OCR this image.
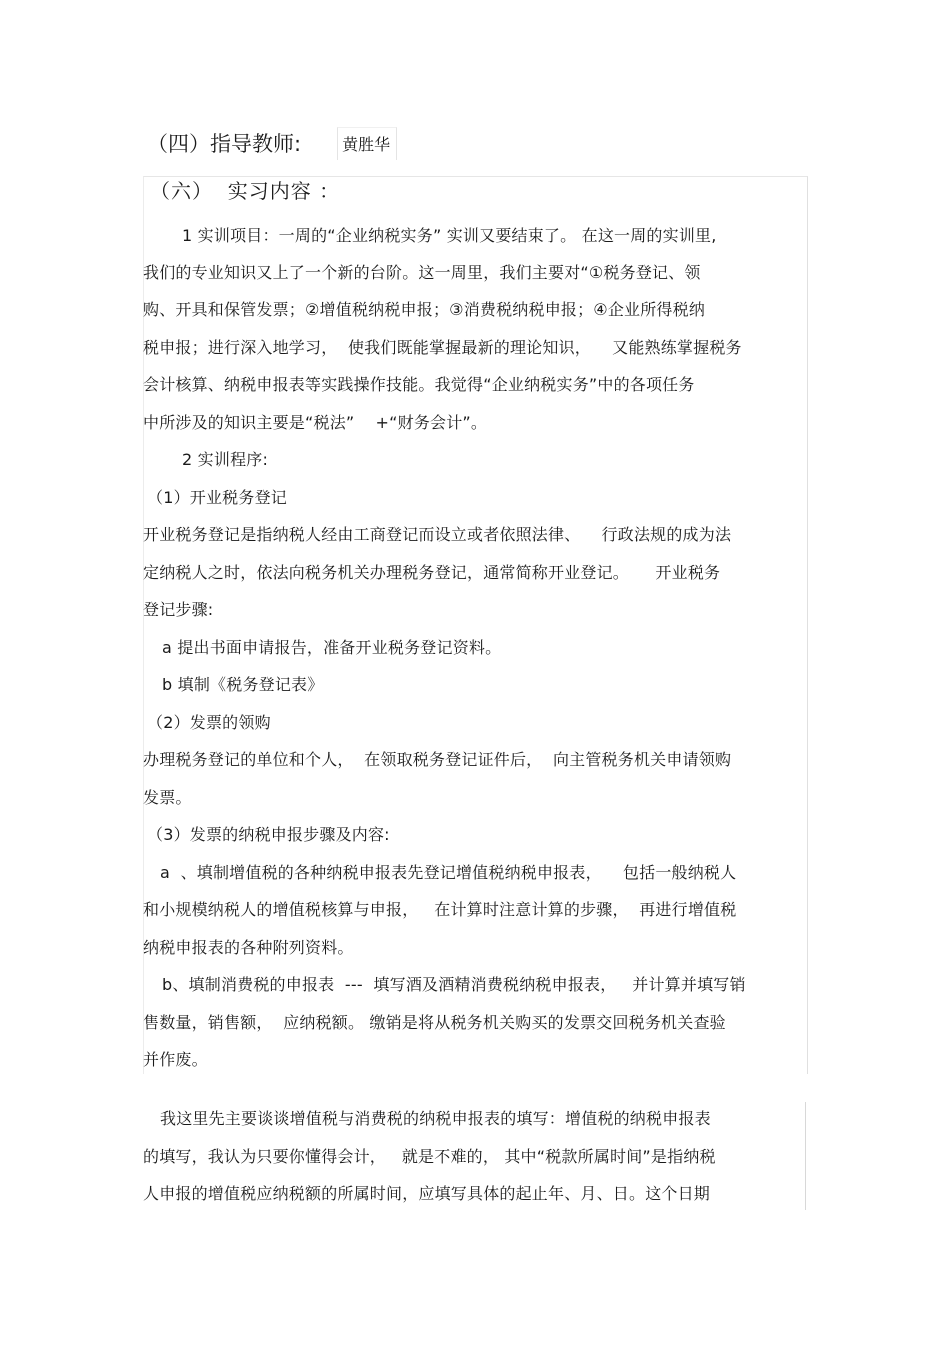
（四）指导教师:	黄胜华
（六）  实习内容 ：
1 实训项目：一周的“企业纳税实务” 实训又要结束了。 在这一周的实训里,
我们的专业知识又上了一个新的台阶。这一周里，我们主要对“①税务登记、领
购、开具和保管发票；②增值税纳税申报；③消费税纳税申报；④企业所得税纳
税申报；进行深入地学习，  使我们既能掌握最新的理论知识，    又能熟练掌握税务
会计核算、纳税申报表等实践操作技能。我觉得“企业纳税实务”中的各项任务
中所涉及的知识主要是“税法”    +“财务会计”。
2 实训程序:
（1）开业税务登记
开业税务登记是指纳税人经由工商登记而设立或者依照法律、    行政法规的成为法
定纳税人之时，依法向税务机关办理税务登记，通常简称开业登记。     开业税务
登记步骤:
a 提出书面申请报告，准备开业税务登记资料。
b 填制《税务登记表》
（2）发票的领购
办理税务登记的单位和个人，  在领取税务登记证件后，  向主管税务机关申请领购
发票。
（3）发票的纳税申报步骤及内容:
a  、填制增值税的各种纳税申报表先登记增值税纳税申报表，    包括一般纳税人
和小规模纳税人的增值税核算与申报，   在计算时注意计算的步骤，  再进行增值税
纳税申报表的各种附列资料。
b、填制消费税的申报表  ---  填写酒及酒精消费税纳税申报表，   并计算并填写销
售数量，销售额，  应纳税额。 缴销是将从税务机关购买的发票交回税务机关查验
并作废。
我这里先主要谈谈增值税与消费税的纳税申报表的填写：增值税的纳税申报表
的填写，我认为只要你懂得会计，   就是不难的， 其中“税款所属时间”是指纳税
人申报的增值税应纳税额的所属时间，应填写具体的起止年、月、日。这个日期
